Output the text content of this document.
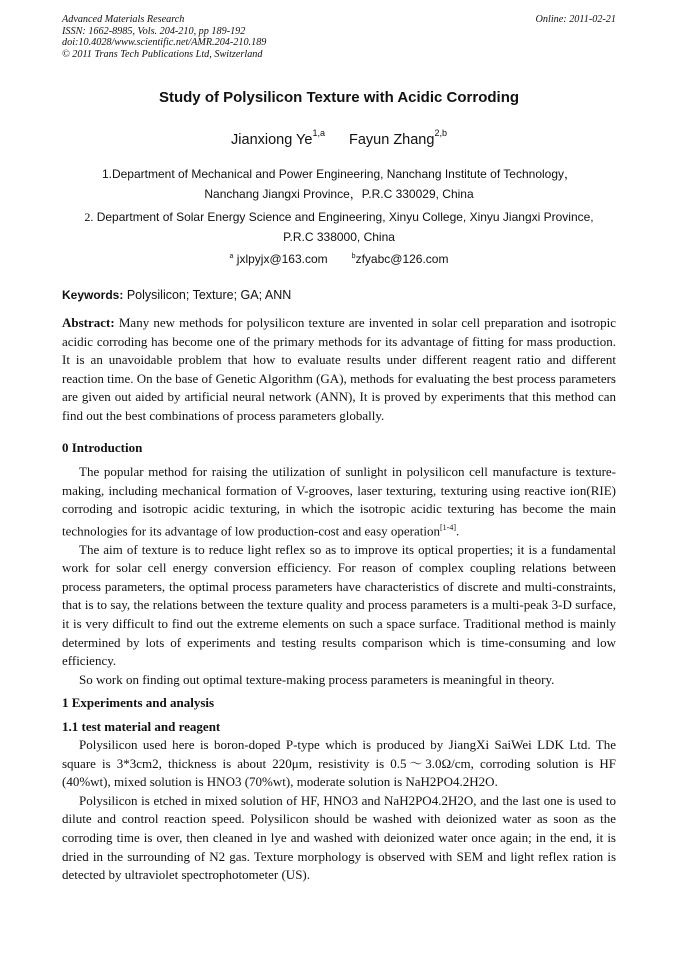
Advanced Materials Research
ISSN: 1662-8985, Vols. 204-210, pp 189-192
doi:10.4028/www.scientific.net/AMR.204-210.189
© 2011 Trans Tech Publications Ltd, Switzerland
Online: 2011-02-21
Study of Polysilicon Texture with Acidic Corroding
Jianxiong Ye$^{1,a}$ Fayun Zhang$^{2,b}$
1.Department of Mechanical and Power Engineering, Nanchang Institute of Technology，
Nanchang Jiangxi Province，P.R.C 330029, China
2. Department of Solar Energy Science and Engineering, Xinyu College, Xinyu Jiangxi Province,
P.R.C 338000, China
$^a$ jxlpyjx@163.com	$^b$zfyabc@126.com
Keywords: Polysilicon; Texture; GA; ANN

Abstract: Many new methods for polysilicon texture are invented in solar cell preparation and isotropic acidic corroding has become one of the primary methods for its advantage of fitting for mass production. It is an unavoidable problem that how to evaluate results under different reagent ratio and different reaction time. On the base of Genetic Algorithm (GA), methods for evaluating the best process parameters are given out aided by artificial neural network (ANN), It is proved by experiments that this method can find out the best combinations of process parameters globally.

0 Introduction

The popular method for raising the utilization of sunlight in polysilicon cell manufacture is texture-making, including mechanical formation of V-grooves, laser texturing, texturing using reactive ion(RIE) corroding and isotropic acidic texturing, in which the isotropic acidic texturing has become the main technologies for its advantage of low production-cost and easy operation[1-4].

The aim of texture is to reduce light reflex so as to improve its optical properties; it is a fundamental work for solar cell energy conversion efficiency. For reason of complex coupling relations between process parameters, the optimal process parameters have characteristics of discrete and multi-constraints, that is to say, the relations between the texture quality and process parameters is a multi-peak 3-D surface, it is very difficult to find out the extreme elements on such a space surface. Traditional method is mainly determined by lots of experiments and testing results comparison which is time-consuming and low efficiency.

So work on finding out optimal texture-making process parameters is meaningful in theory.

1 Experiments and analysis
1.1 test material and reagent

Polysilicon used here is boron-doped P-type which is produced by JiangXi SaiWei LDK Ltd. The square is 3*3cm2, thickness is about 220μm, resistivity is 0.5～3.0Ω/cm, corroding solution is HF (40%wt), mixed solution is HNO3 (70%wt), moderate solution is NaH2PO4.2H2O.

Polysilicon is etched in mixed solution of HF, HNO3 and NaH2PO4.2H2O, and the last one is used to dilute and control reaction speed. Polysilicon should be washed with deionized water as soon as the corroding time is over, then cleaned in lye and washed with deionized water once again; in the end, it is dried in the surrounding of N2 gas. Texture morphology is observed with SEM and light reflex ration is detected by ultraviolet spectrophotometer (US).
